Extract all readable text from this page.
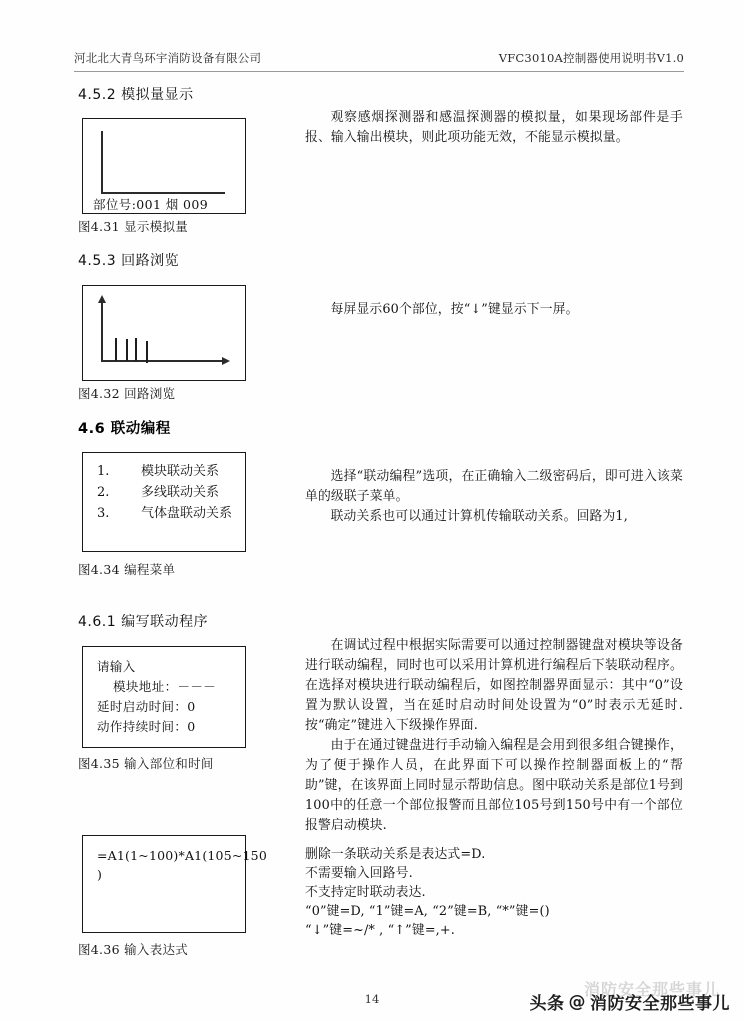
河北北大青鸟环宇消防设备有限公司	VFC3010A控制器使用说明书V1.0
4.5.2 模拟量显示
部位号:001 烟 009
图4.31 显示模拟量

观察感烟探测器和感温探测器的模拟量，如果现场部件是手报、输入输出模块，则此项功能无效，不能显示模拟量。

4.5.3 回路浏览
图4.32 回路浏览

每屏显示60个部位，按“↓”键显示下一屏。

4.6 联动编程
1.	模块联动关系
2.	多线联动关系
3.	气体盘联动关系
图4.34 编程菜单

选择“联动编程”选项，在正确输入二级密码后，即可进入该菜单的级联子菜单。

联动关系也可以通过计算机传输联动关系。回路为1,

4.6.1 编写联动程序
请输入
模块地址：－－－
延时启动时间：0
动作持续时间：0
图4.35 输入部位和时间

在调试过程中根据实际需要可以通过控制器键盘对模块等设备进行联动编程，同时也可以采用计算机进行编程后下装联动程序。在选择对模块进行联动编程后，如图控制器界面显示：其中“0”设置为默认设置，当在延时启动时间处设置为“0”时表示无延时. 按“确定”键进入下级操作界面.

由于在通过键盘进行手动输入编程是会用到很多组合键操作，为了便于操作人员，在此界面下可以操作控制器面板上的“帮助”键，在该界面上同时显示帮助信息。图中联动关系是部位1号到100中的任意一个部位报警而且部位105号到150号中有一个部位报警启动模块.

=A1(1~100)*A1(105~150
)
图4.36 输入表达式

删除一条联动关系是表达式=D.

不需要输入回路号.

不支持定时联动表达.

“0”键=D, “1”键=A, “2”键=B, “*”键=()

“↓”键=~/* , “↑”键=,+.

14	消防安全那些事儿
头条 @ 消防安全那些事儿
